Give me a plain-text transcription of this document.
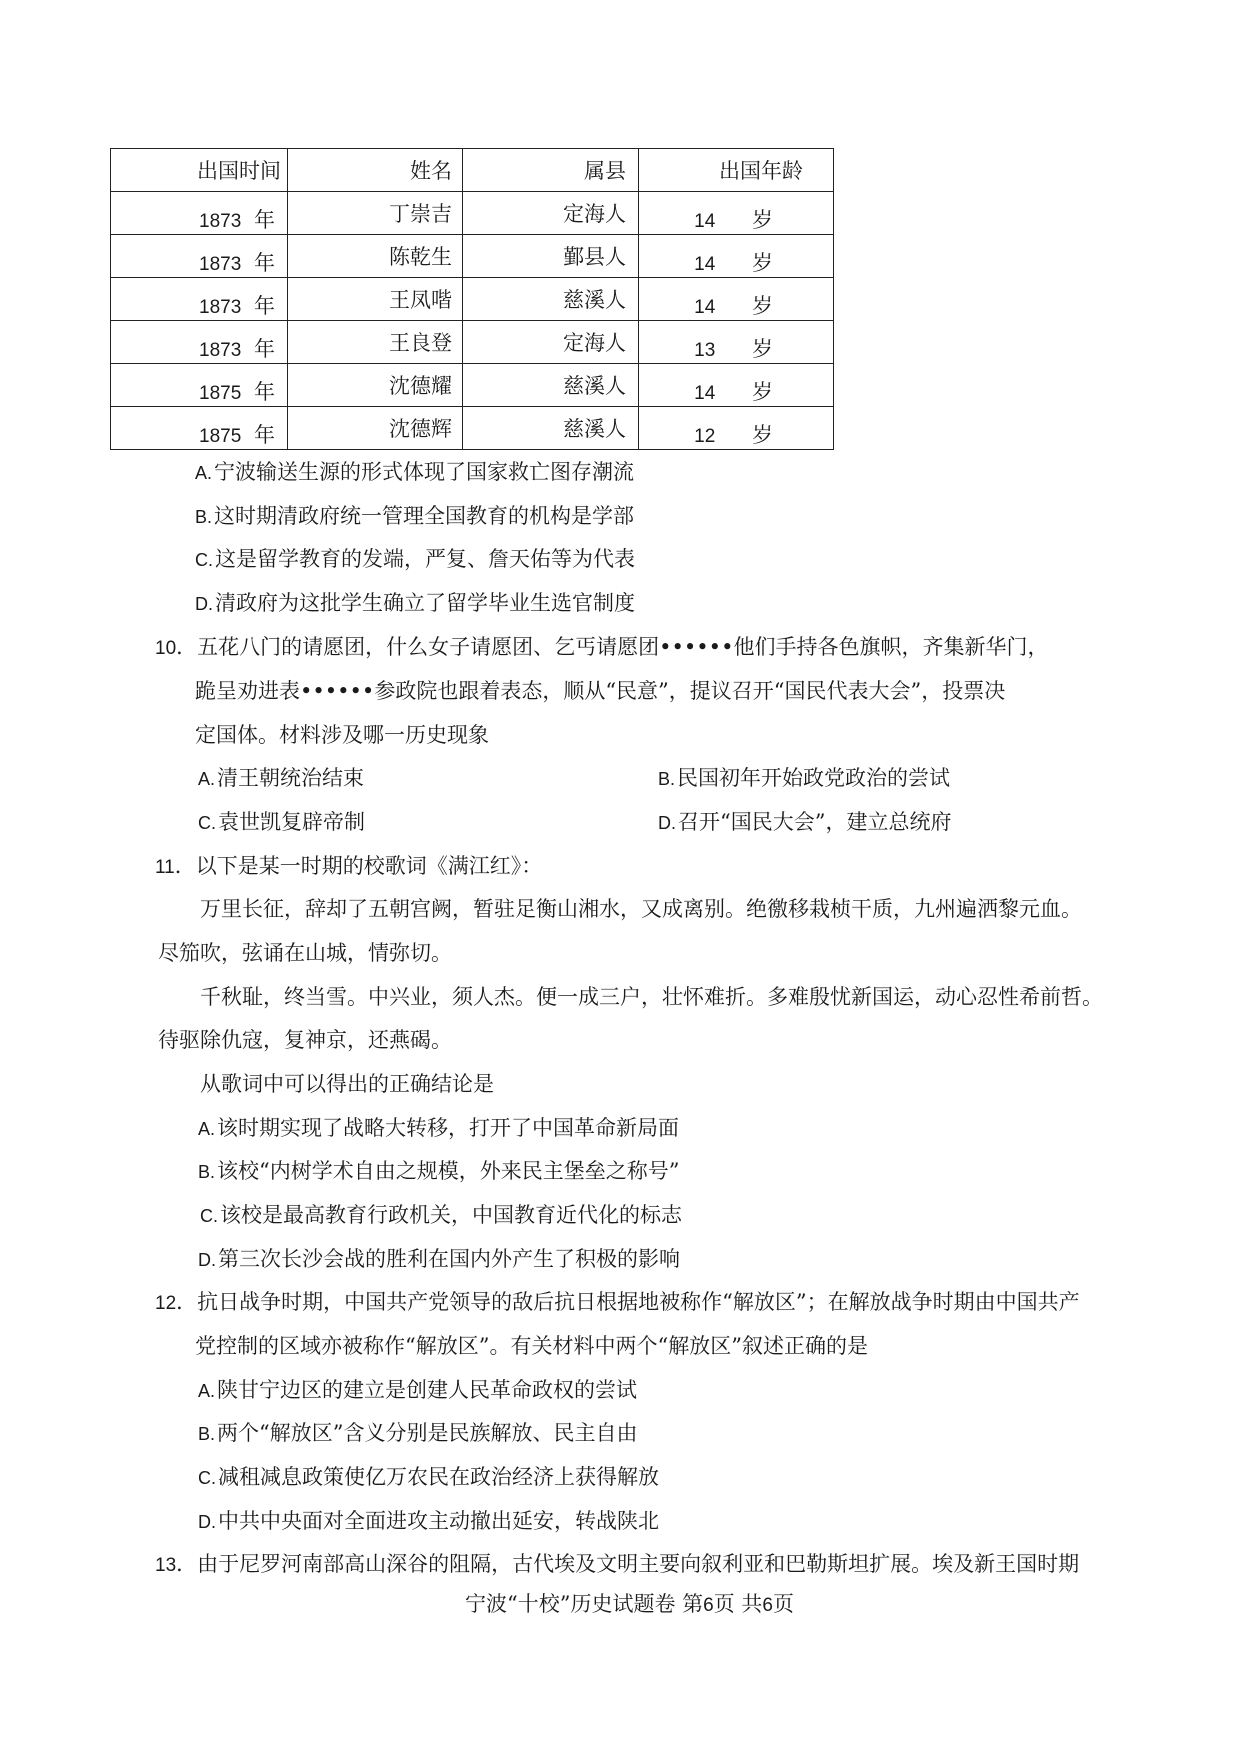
出国时间	姓名	属县	出国年龄
1873 年	丁崇吉	定海人	14 岁
1873 年	陈乾生	鄞县人	14 岁
1873 年	王凤喈	慈溪人	14 岁
1873 年	王良登	定海人	13 岁
1875 年	沈德耀	慈溪人	14 岁
1875 年	沈德辉	慈溪人	12 岁
A.宁波输送生源的形式体现了国家救亡图存潮流
B.这时期清政府统一管理全国教育的机构是学部
C.这是留学教育的发端，严复、詹天佑等为代表
D.清政府为这批学生确立了留学毕业生选官制度
10．五花八门的请愿团，什么女子请愿团、乞丐请愿团••••••他们手持各色旗帜，齐集新华门，
跪呈劝进表••••••参政院也跟着表态，顺从“民意”，提议召开“国民代表大会”，投票决
定国体。材料涉及哪一历史现象
A.清王朝统治结束	B.民国初年开始政党政治的尝试
C.袁世凯复辟帝制	D.召开“国民大会”，建立总统府
11．以下是某一时期的校歌词《满江红》：
万里长征，辞却了五朝宫阙，暂驻足衡山湘水，又成离别。绝徼移栽桢干质，九州遍洒黎元血。
尽笳吹，弦诵在山城，情弥切。
千秋耻，终当雪。中兴业，须人杰。便一成三户，壮怀难折。多难殷忧新国运，动心忍性希前哲。
待驱除仇寇，复神京，还燕碣。
从歌词中可以得出的正确结论是
A.该时期实现了战略大转移，打开了中国革命新局面
B.该校“内树学术自由之规模，外来民主堡垒之称号”
C.该校是最高教育行政机关，中国教育近代化的标志
D.第三次长沙会战的胜利在国内外产生了积极的影响
12．抗日战争时期，中国共产党领导的敌后抗日根据地被称作“解放区”；在解放战争时期由中国共产
党控制的区域亦被称作“解放区”。有关材料中两个“解放区”叙述正确的是
A.陕甘宁边区的建立是创建人民革命政权的尝试
B.两个“解放区”含义分别是民族解放、民主自由
C.减租减息政策使亿万农民在政治经济上获得解放
D.中共中央面对全面进攻主动撤出延安，转战陕北
13．由于尼罗河南部高山深谷的阻隔，古代埃及文明主要向叙利亚和巴勒斯坦扩展。埃及新王国时期
宁波“十校”历史试题卷 第6页 共6页
